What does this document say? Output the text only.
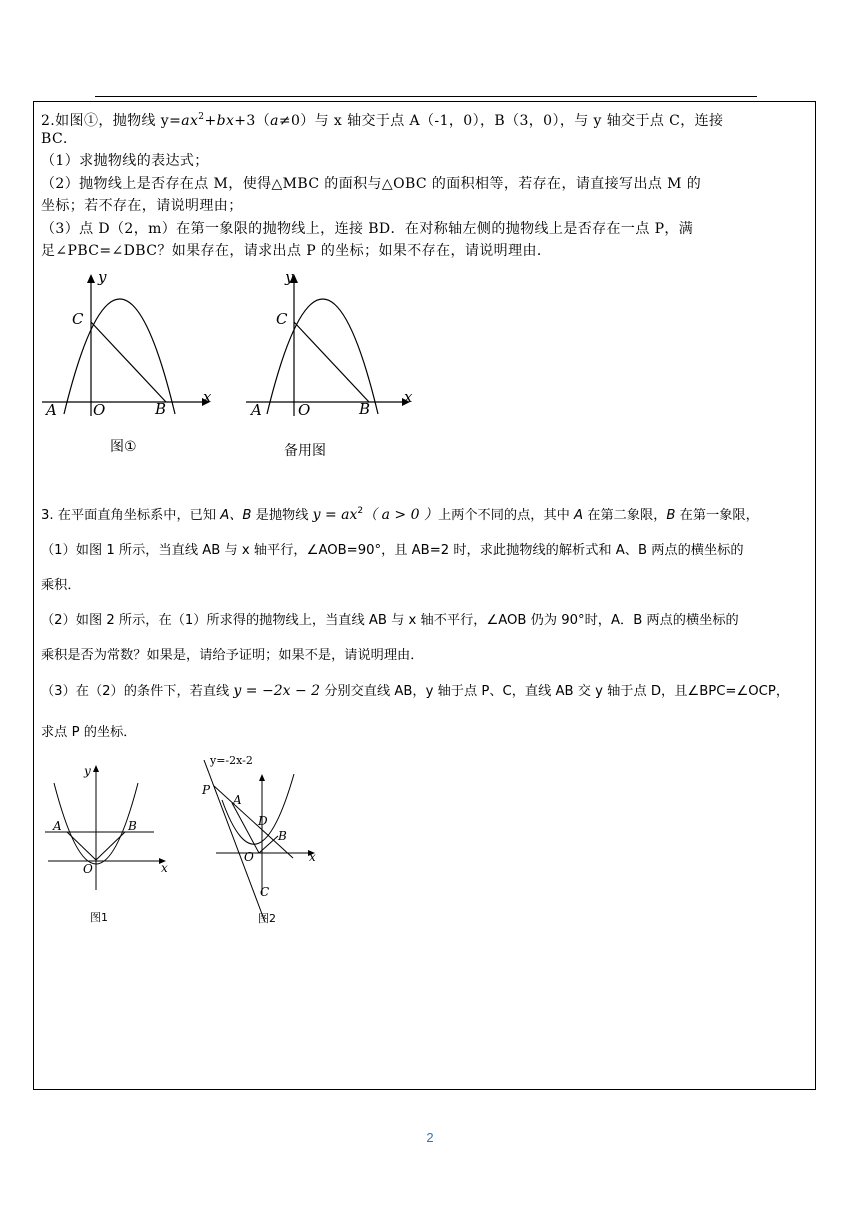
2.如图①，抛物线 $y=ax^2+bx+3(a\ne 0)$与 x 轴交于点 A（-1，0），B（3，0），与 y 轴交于点 C，连接
BC．
（1）求抛物线的表达式；
（2）抛物线上是否存在点 M，使得△MBC 的面积与△OBC 的面积相等，若存在，请直接写出点 M 的
坐标；若不存在，请说明理由；
（3）点 D（2，m）在第一象限的抛物线上，连接 BD．在对称轴左侧的抛物线上是否存在一点 P，满
足∠PBC=∠DBC？如果存在，请求出点 P 的坐标；如果不存在，请说明理由．
y
x
C
A O	B
图①
y
x
C
A O	B
备用图
3. 在平面直角坐标系中，已知 A、B 是抛物线 $y = ax^2$（ a > 0 ）上两个不同的点，其中 A 在第二象限，B 在第一象限，
（1）如图 1 所示，当直线 AB 与 x 轴平行，∠AOB=90°，且 AB=2 时，求此抛物线的解析式和 A、B 两点的横坐标的
乘积．
（2）如图 2 所示，在（1）所求得的抛物线上，当直线 AB 与 x 轴不平行，∠AOB 仍为 90°时，A．B 两点的横坐标的
乘积是否为常数？如果是，请给予证明；如果不是，请说明理由．
（3）在（2）的条件下，若直线 y = −2x − 2 分别交直线 AB，y 轴于点 P、C，直线 AB 交 y 轴于点 D，且∠BPC=∠OCP，
求点 P 的坐标．
y
x
A	B
O
图1
y=-2x-2
P
A
D
B
O	x
C
图2
2
